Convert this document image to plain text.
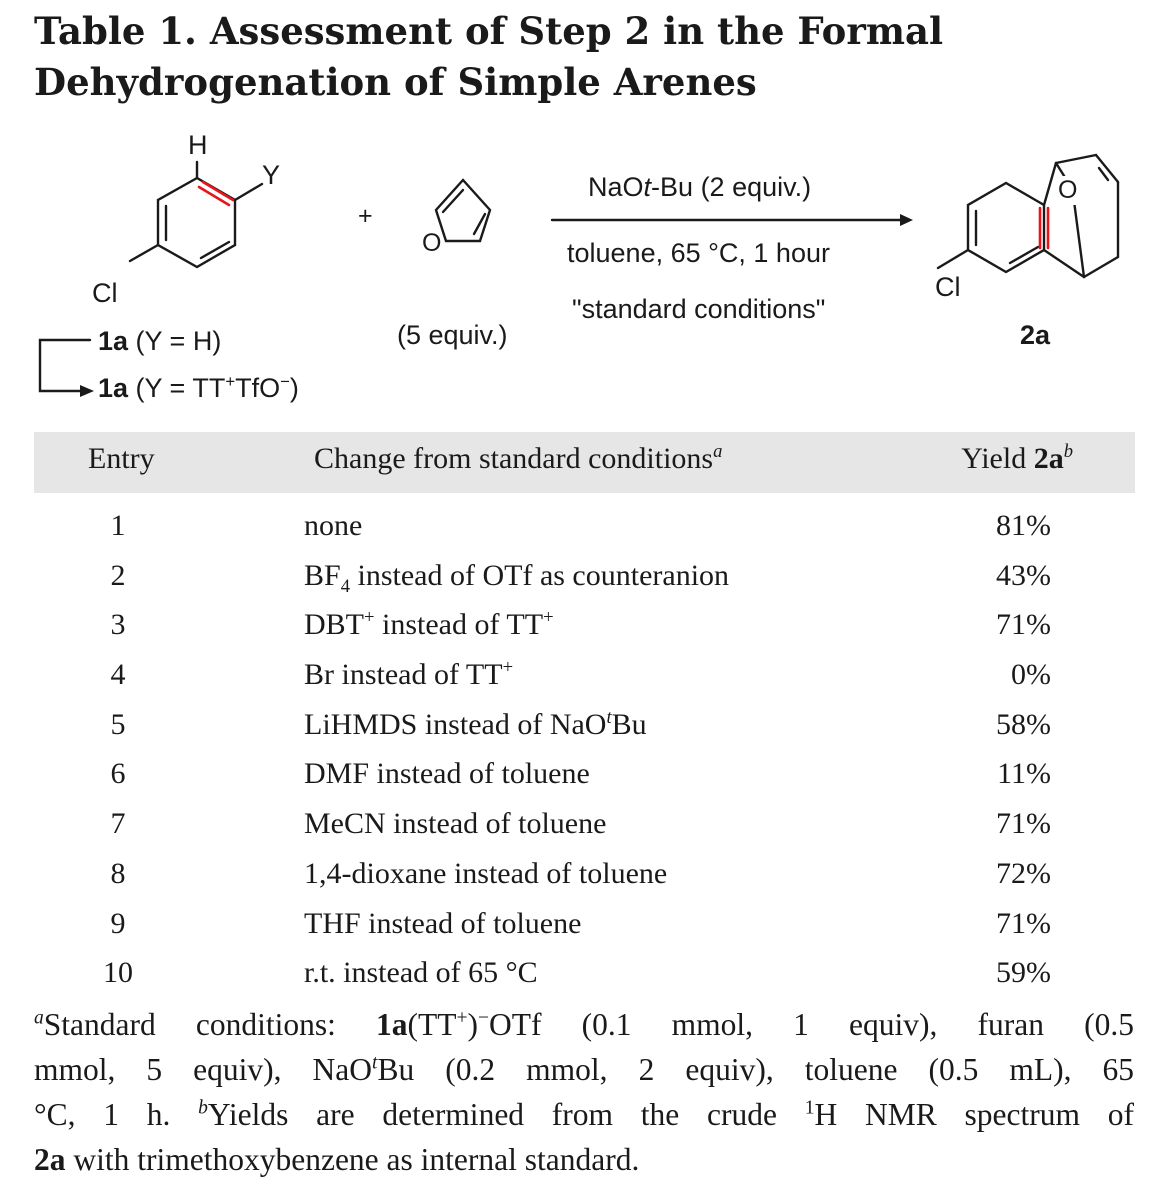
Table 1. Assessment of Step 2 in the Formal
Dehydrogenation of Simple Arenes
H
Y
Cl
+
O
(5 equiv.)
NaOt-Bu (2 equiv.)
toluene, 65 °C, 1 hour
"standard conditions"
O
Cl
2a
1a (Y = H)
1a (Y = TT+TfO−)
Entry	Change from standard conditions$^a$	Yield $2a^b$
1	none	81%
2	$BF_4$ instead of OTf as counteranion	43%
3	DBT+ instead of TT+	71%
4	Br instead of TT+	0%
5	LiHMDS instead of NaO$^t$Bu	58%
6	DMF instead of toluene	11%
7	MeCN instead of toluene	71%
8	1,4-dioxane instead of toluene	72%
9	THF instead of toluene	71%
10	r.t. instead of 65 °C	59%
$^a$Standard conditions: 1a(TT+)−OTf (0.1 mmol, 1 equiv), furan (0.5
mmol, 5 equiv), NaO$^t$Bu (0.2 mmol, 2 equiv), toluene (0.5 mL), 65
°C, 1 h. $^b$Yields are determined from the crude $^1$H NMR spectrum of
2a with trimethoxybenzene as internal standard.
